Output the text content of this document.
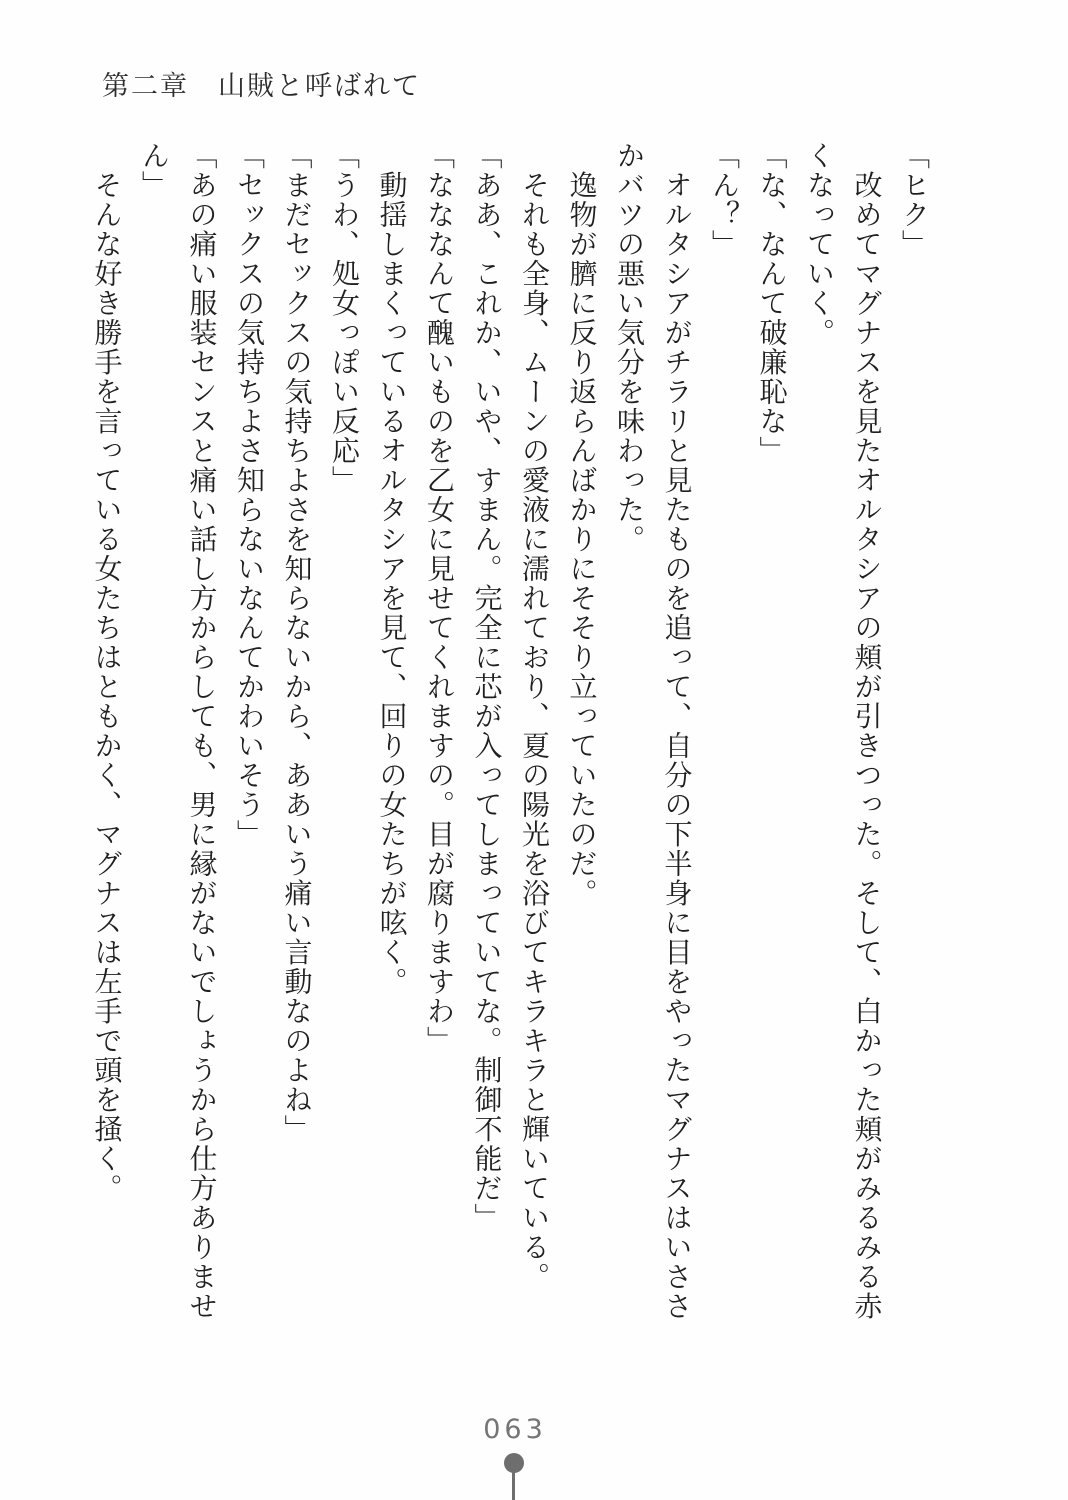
第二章　山賊と呼ばれて

「ヒク」

　改めてマグナスを見たオルタシアの頬が引きつった。そして、白かった頬がみるみる赤

くなっていく。

「な、なんて破廉恥な」

「ん？」

　オルタシアがチラリと見たものを追って、自分の下半身に目をやったマグナスはいささ

かバツの悪い気分を味わった。

　逸物が臍に反り返らんばかりにそそり立っていたのだ。

　それも全身、ムーンの愛液に濡れており、夏の陽光を浴びてキラキラと輝いている。

「ああ、これか、いや、すまん。完全に芯が入ってしまっていてな。制御不能だ」

「なななんて醜いものを乙女に見せてくれますの。目が腐りますわ」

　動揺しまくっているオルタシアを見て、回りの女たちが呟く。

「うわ、処女っぽい反応」

「まだセックスの気持ちよさを知らないから、ああいう痛い言動なのよね」

「セックスの気持ちよさ知らないなんてかわいそう」

「あの痛い服装センスと痛い話し方からしても、男に縁がないでしょうから仕方ありませ

ん」

　そんな好き勝手を言っている女たちはともかく、マグナスは左手で頭を掻く。

063
